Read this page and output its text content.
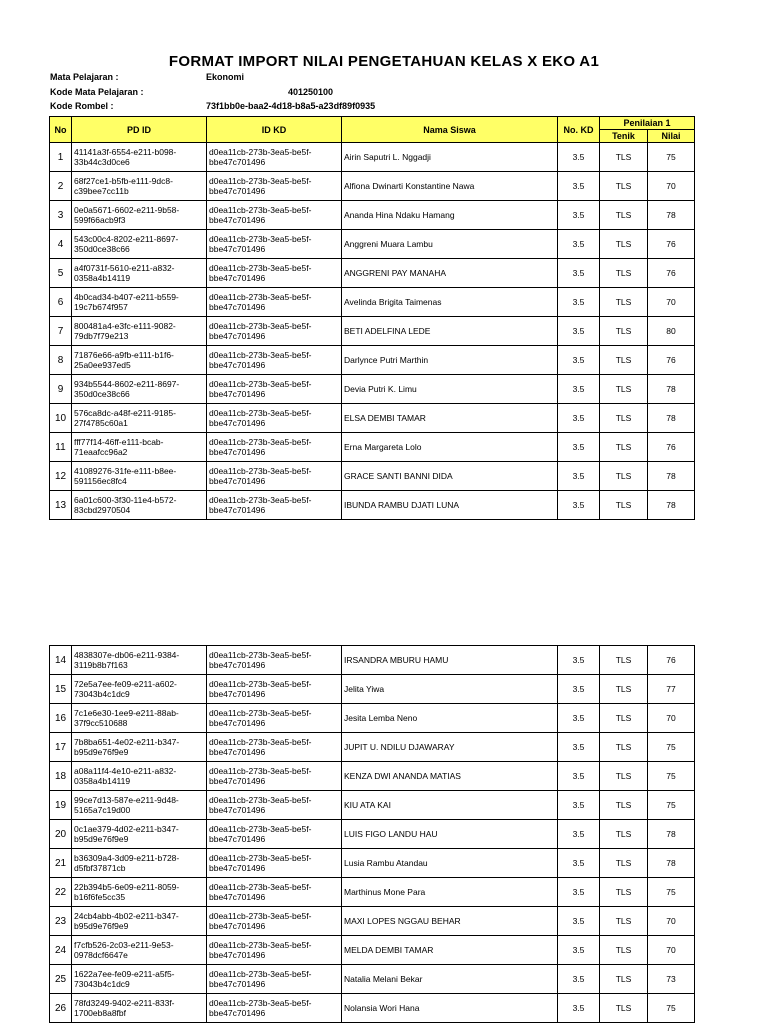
FORMAT IMPORT NILAI PENGETAHUAN KELAS X EKO A1
Mata Pelajaran :	Ekonomi
Kode Mata Pelajaran :	401250100
Kode Rombel :	73f1bb0e-baa2-4d18-b8a5-a23df89f0935
No	PD ID	ID KD	Nama Siswa	No. KD	Penilaian 1	
					Tenik	Nilai
1	41141a3f-6554-e211-b098-
33b44c3d0ce6	d0ea11cb-273b-3ea5-be5f-
bbe47c701496	Airin Saputri L. Nggadji	3.5	TLS	75
2	68f27ce1-b5fb-e111-9dc8-
c39bee7cc11b	d0ea11cb-273b-3ea5-be5f-
bbe47c701496	Alfiona Dwinarti Konstantine Nawa	3.5	TLS	70
3	0e0a5671-6602-e211-9b58-
599f66acb9f3	d0ea11cb-273b-3ea5-be5f-
bbe47c701496	Ananda Hina Ndaku Hamang	3.5	TLS	78
4	543c00c4-8202-e211-8697-
350d0ce38c66	d0ea11cb-273b-3ea5-be5f-
bbe47c701496	Anggreni Muara Lambu	3.5	TLS	76
5	a4f0731f-5610-e211-a832-
0358a4b14119	d0ea11cb-273b-3ea5-be5f-
bbe47c701496	ANGGRENI PAY MANAHA	3.5	TLS	76
6	4b0cad34-b407-e211-b559-
19c7b674f957	d0ea11cb-273b-3ea5-be5f-
bbe47c701496	Avelinda Brigita Taimenas	3.5	TLS	70
7	800481a4-e3fc-e111-9082-
79db7f79e213	d0ea11cb-273b-3ea5-be5f-
bbe47c701496	BETI ADELFINA LEDE	3.5	TLS	80
8	71876e66-a9fb-e111-b1f6-
25a0ee937ed5	d0ea11cb-273b-3ea5-be5f-
bbe47c701496	Darlynce Putri Marthin	3.5	TLS	76
9	934b5544-8602-e211-8697-
350d0ce38c66	d0ea11cb-273b-3ea5-be5f-
bbe47c701496	Devia Putri K. Limu	3.5	TLS	78
10	576ca8dc-a48f-e211-9185-
27f4785c60a1	d0ea11cb-273b-3ea5-be5f-
bbe47c701496	ELSA DEMBI TAMAR	3.5	TLS	78
11	fff77f14-46ff-e111-bcab-
71eaafcc96a2	d0ea11cb-273b-3ea5-be5f-
bbe47c701496	Erna Margareta Lolo	3.5	TLS	76
12	41089276-31fe-e111-b8ee-
591156ec8fc4	d0ea11cb-273b-3ea5-be5f-
bbe47c701496	GRACE SANTI BANNI DIDA	3.5	TLS	78
13	6a01c600-3f30-11e4-b572-
83cbd2970504	d0ea11cb-273b-3ea5-be5f-
bbe47c701496	IBUNDA RAMBU DJATI LUNA	3.5	TLS	78
14	4838307e-db06-e211-9384-
3119b8b7f163	d0ea11cb-273b-3ea5-be5f-
bbe47c701496	IRSANDRA MBURU HAMU	3.5	TLS	76
15	72e5a7ee-fe09-e211-a602-
73043b4c1dc9	d0ea11cb-273b-3ea5-be5f-
bbe47c701496	Jelita Yiwa	3.5	TLS	77
16	7c1e6e30-1ee9-e211-88ab-
37f9cc510688	d0ea11cb-273b-3ea5-be5f-
bbe47c701496	Jesita Lemba Neno	3.5	TLS	70
17	7b8ba651-4e02-e211-b347-
b95d9e76f9e9	d0ea11cb-273b-3ea5-be5f-
bbe47c701496	JUPIT U. NDILU DJAWARAY	3.5	TLS	75
18	a08a11f4-4e10-e211-a832-
0358a4b14119	d0ea11cb-273b-3ea5-be5f-
bbe47c701496	KENZA DWI ANANDA MATIAS	3.5	TLS	75
19	99ce7d13-587e-e211-9d48-
5165a7c19d00	d0ea11cb-273b-3ea5-be5f-
bbe47c701496	KIU ATA KAI	3.5	TLS	75
20	0c1ae379-4d02-e211-b347-
b95d9e76f9e9	d0ea11cb-273b-3ea5-be5f-
bbe47c701496	LUIS FIGO LANDU HAU	3.5	TLS	78
21	b36309a4-3d09-e211-b728-
d5fbf37871cb	d0ea11cb-273b-3ea5-be5f-
bbe47c701496	Lusia Rambu Atandau	3.5	TLS	78
22	22b394b5-6e09-e211-8059-
b16f6fe5cc35	d0ea11cb-273b-3ea5-be5f-
bbe47c701496	Marthinus Mone Para	3.5	TLS	75
23	24cb4abb-4b02-e211-b347-
b95d9e76f9e9	d0ea11cb-273b-3ea5-be5f-
bbe47c701496	MAXI LOPES NGGAU BEHAR	3.5	TLS	70
24	f7cfb526-2c03-e211-9e53-
0978dcf6647e	d0ea11cb-273b-3ea5-be5f-
bbe47c701496	MELDA DEMBI TAMAR	3.5	TLS	70
25	1622a7ee-fe09-e211-a5f5-
73043b4c1dc9	d0ea11cb-273b-3ea5-be5f-
bbe47c701496	Natalia Melani Bekar	3.5	TLS	73
26	78fd3249-9402-e211-833f-
1700eb8a8fbf	d0ea11cb-273b-3ea5-be5f-
bbe47c701496	Nolansia Wori Hana	3.5	TLS	75
